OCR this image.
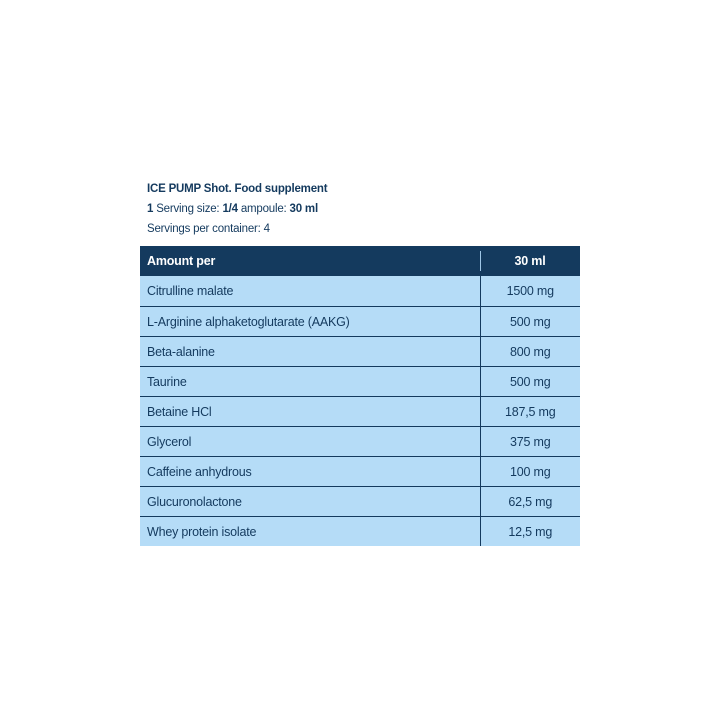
ICE PUMP Shot. Food supplement
1 Serving size: 1/4 ampoule: 30 ml
Servings per container: 4
Amount per	30 ml
Citrulline malate	1500 mg
L-Arginine alphaketoglutarate (AAKG)	500 mg
Beta-alanine	800 mg
Taurine	500 mg
Betaine HCl	187,5 mg
Glycerol	375 mg
Caffeine anhydrous	100 mg
Glucuronolactone	62,5 mg
Whey protein isolate	12,5 mg
